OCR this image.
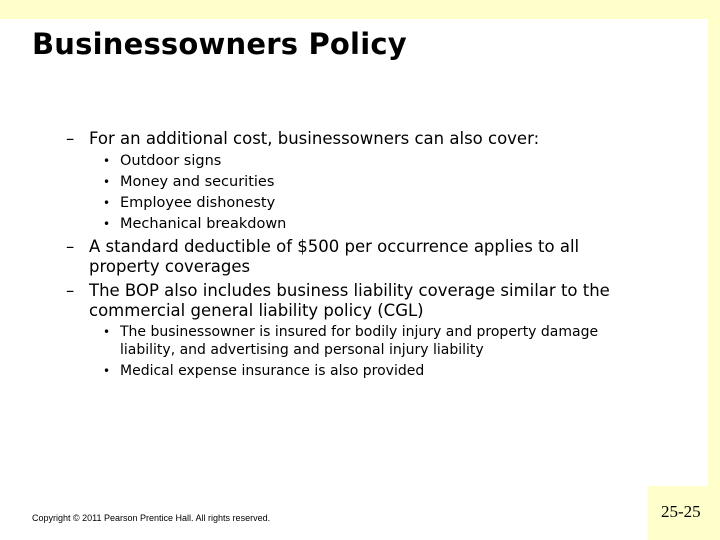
Businessowners Policy
– For an additional cost, businessowners can also cover:
• Outdoor signs
• Money and securities
• Employee dishonesty
• Mechanical breakdown
– A standard deductible of $500 per occurrence applies to all
property coverages
– The BOP also includes business liability coverage similar to the
commercial general liability policy (CGL)
• The businessowner is insured for bodily injury and property damage
liability, and advertising and personal injury liability
• Medical expense insurance is also provided
Copyright © 2011 Pearson Prentice Hall. All rights reserved.	25-25
